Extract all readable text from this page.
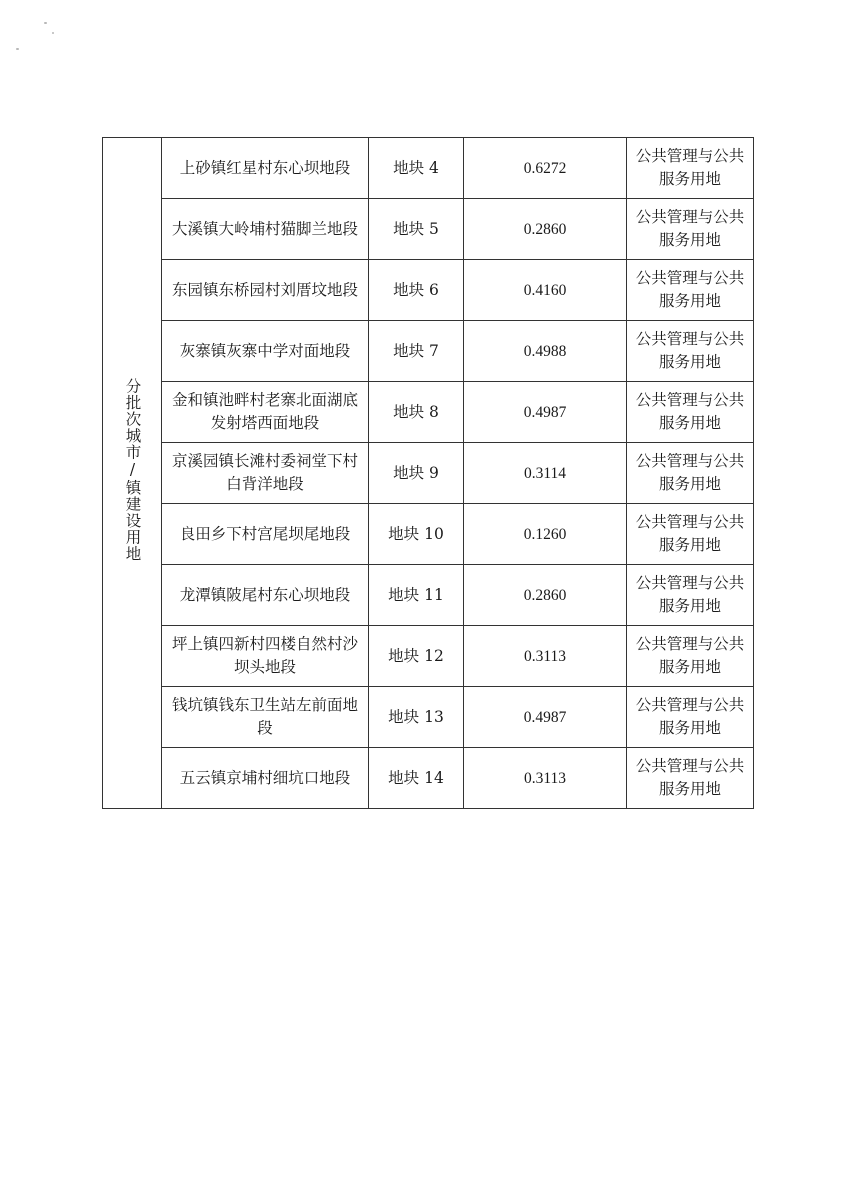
分批次城市/镇建设用地	上砂镇红星村东心坝地段	地块 4	0.6272	公共管理与公共服务用地
	大溪镇大岭埔村猫脚兰地段	地块 5	0.2860	公共管理与公共服务用地
	东园镇东桥园村刘厝坟地段	地块 6	0.4160	公共管理与公共服务用地
	灰寨镇灰寨中学对面地段	地块 7	0.4988	公共管理与公共服务用地
	金和镇池畔村老寨北面湖底发射塔西面地段	地块 8	0.4987	公共管理与公共服务用地
	京溪园镇长滩村委祠堂下村白背洋地段	地块 9	0.3114	公共管理与公共服务用地
	良田乡下村宫尾坝尾地段	地块 10	0.1260	公共管理与公共服务用地
	龙潭镇陂尾村东心坝地段	地块 11	0.2860	公共管理与公共服务用地
	坪上镇四新村四楼自然村沙坝头地段	地块 12	0.3113	公共管理与公共服务用地
	钱坑镇钱东卫生站左前面地段	地块 13	0.4987	公共管理与公共服务用地
	五云镇京埔村细坑口地段	地块 14	0.3113	公共管理与公共服务用地
